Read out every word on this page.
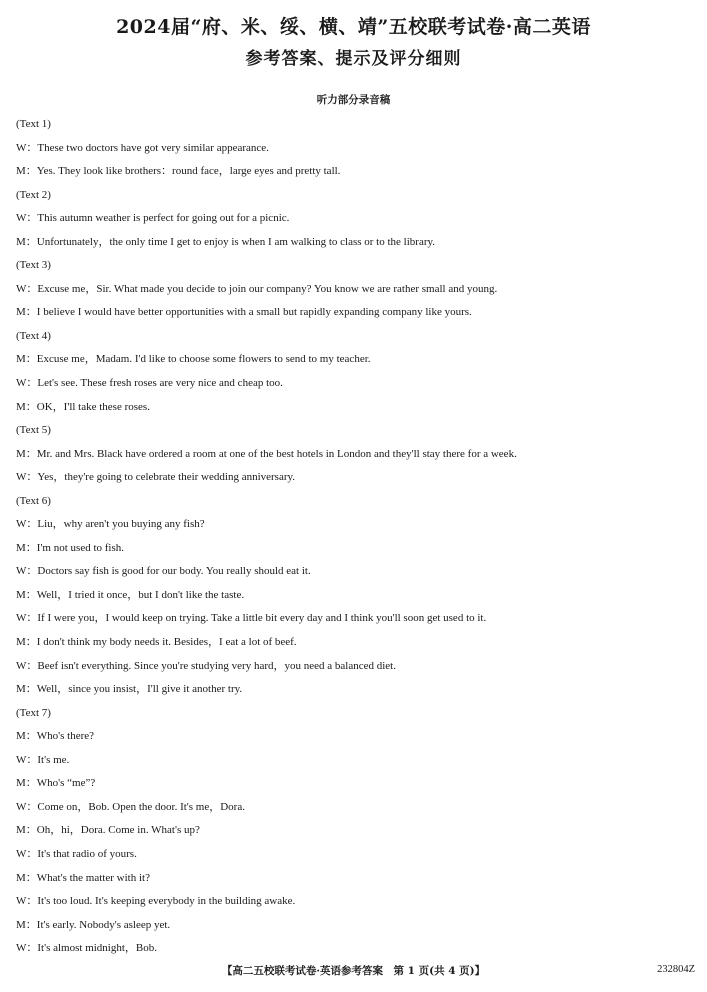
2024届“府、米、绥、横、靖”五校联考试卷·高二英语
参考答案、提示及评分细则
听力部分录音稿
(Text 1)
W：These two doctors have got very similar appearance.
M：Yes. They look like brothers：round face，large eyes and pretty tall.
(Text 2)
W：This autumn weather is perfect for going out for a picnic.
M：Unfortunately，the only time I get to enjoy is when I am walking to class or to the library.
(Text 3)
W：Excuse me，Sir. What made you decide to join our company? You know we are rather small and young.
M：I believe I would have better opportunities with a small but rapidly expanding company like yours.
(Text 4)
M：Excuse me，Madam. I'd like to choose some flowers to send to my teacher.
W：Let's see. These fresh roses are very nice and cheap too.
M：OK，I'll take these roses.
(Text 5)
M：Mr. and Mrs. Black have ordered a room at one of the best hotels in London and they'll stay there for a week.
W：Yes，they're going to celebrate their wedding anniversary.
(Text 6)
W：Liu，why aren't you buying any fish?
M：I'm not used to fish.
W：Doctors say fish is good for our body. You really should eat it.
M：Well，I tried it once，but I don't like the taste.
W：If I were you，I would keep on trying. Take a little bit every day and I think you'll soon get used to it.
M：I don't think my body needs it. Besides，I eat a lot of beef.
W：Beef isn't everything. Since you're studying very hard，you need a balanced diet.
M：Well，since you insist，I'll give it another try.
(Text 7)
M：Who's there?
W：It's me.
M：Who's “me”?
W：Come on，Bob. Open the door. It's me，Dora.
M：Oh，hi，Dora. Come in. What's up?
W：It's that radio of yours.
M：What's the matter with it?
W：It's too loud. It's keeping everybody in the building awake.
M：It's early. Nobody's asleep yet.
W：It's almost midnight，Bob.
【高二五校联考试卷·英语参考答案　第 1 页(共 4 页)】	232804Z
